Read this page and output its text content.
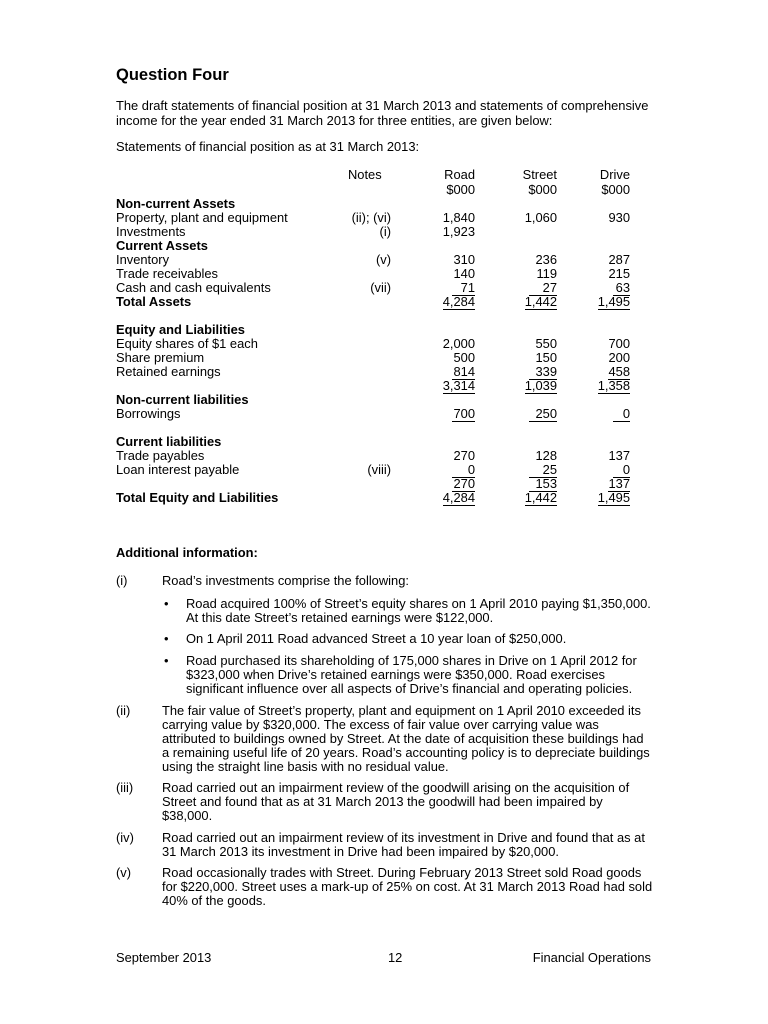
Question Four
The draft statements of financial position at 31 March 2013 and statements of comprehensive
income for the year ended 31 March 2013 for three entities, are given below:
Statements of financial position as at 31 March 2013:
Notes	Road	Street	Drive
$000	$000	$000
Non-current Assets
Property, plant and equipment	(ii); (vi)	1,840	1,060	930
Investments	(i)	1,923
Current Assets
Inventory	(v)	310	236	287
Trade receivables	140	119	215
Cash and cash equivalents	(vii)	71	27	63
Total Assets	4,284	1,442	1,495
Equity and Liabilities
Equity shares of $1 each	2,000	550	700
Share premium	500	150	200
Retained earnings	814	339	458
3,314	1,039	1,358
Non-current liabilities
Borrowings	700	250	0
Current liabilities
Trade payables	270	128	137
Loan interest payable	(viii)	0	25	0
270	153	137
Total Equity and Liabilities	4,284	1,442	1,495
Additional information:
(i)	Road’s investments comprise the following:
• Road acquired 100% of Street’s equity shares on 1 April 2010 paying $1,350,000.
At this date Street’s retained earnings were $122,000.
• On 1 April 2011 Road advanced Street a 10 year loan of $250,000.
• Road purchased its shareholding of 175,000 shares in Drive on 1 April 2012 for
$323,000 when Drive’s retained earnings were $350,000. Road exercises
significant influence over all aspects of Drive’s financial and operating policies.
(ii) The fair value of Street’s property, plant and equipment on 1 April 2010 exceeded its
carrying value by $320,000. The excess of fair value over carrying value was
attributed to buildings owned by Street. At the date of acquisition these buildings had
a remaining useful life of 20 years. Road’s accounting policy is to depreciate buildings
using the straight line basis with no residual value.
(iii) Road carried out an impairment review of the goodwill arising on the acquisition of
Street and found that as at 31 March 2013 the goodwill had been impaired by
$38,000.
(iv) Road carried out an impairment review of its investment in Drive and found that as at
31 March 2013 its investment in Drive had been impaired by $20,000.
(v) Road occasionally trades with Street. During February 2013 Street sold Road goods
for $220,000. Street uses a mark-up of 25% on cost. At 31 March 2013 Road had sold
40% of the goods.
September 2013	12	Financial Operations
